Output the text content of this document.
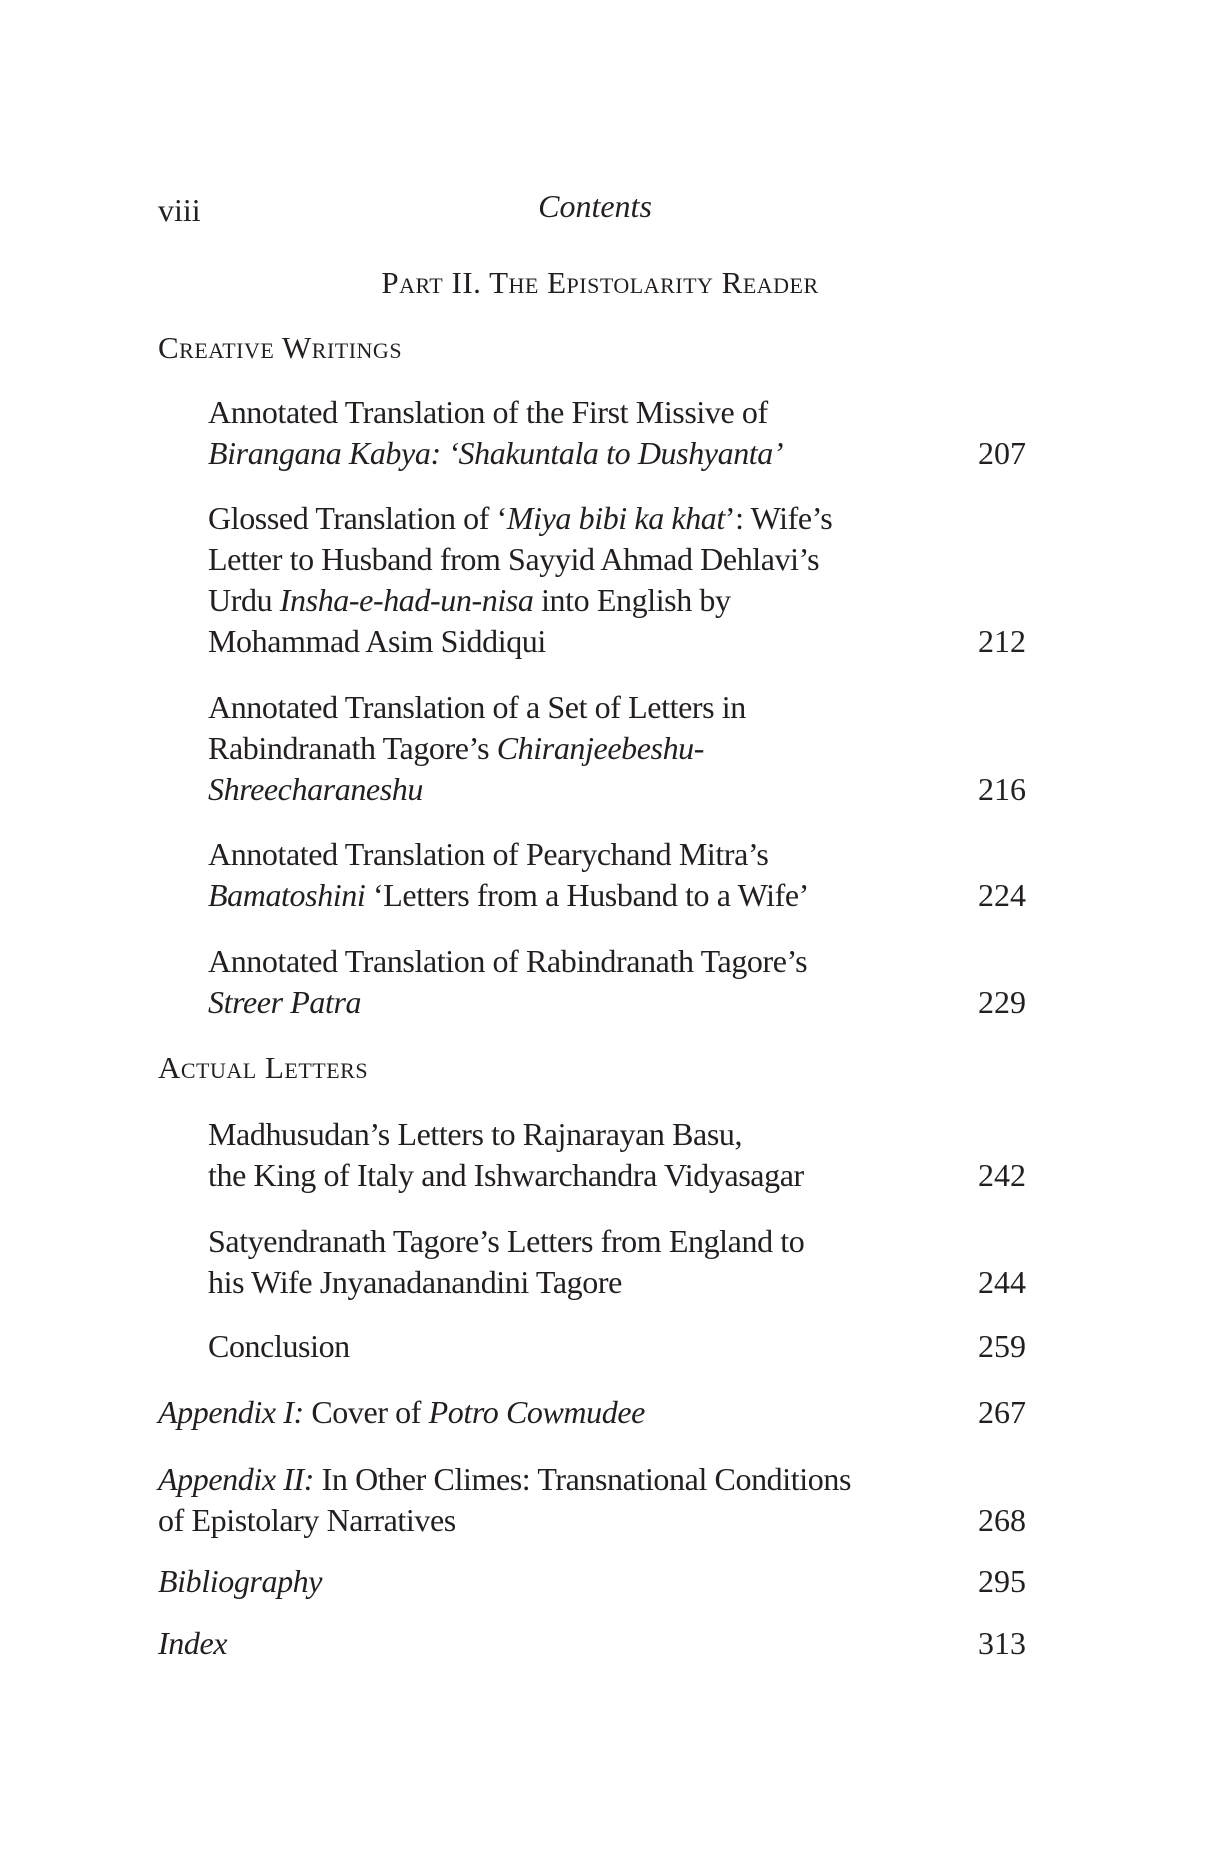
viii	Contents
Part II. The Epistolarity Reader
Creative Writings
Actual Letters
Annotated Translation of the First Missive of
Birangana Kabya: ‘Shakuntala to Dushyanta’	207
Glossed Translation of ‘Miya bibi ka khat’: Wife’s
Letter to Husband from Sayyid Ahmad Dehlavi’s
Urdu Insha-e-had-un-nisa into English by
Mohammad Asim Siddiqui	212
Annotated Translation of a Set of Letters in
Rabindranath Tagore’s Chiranjeebeshu-
Shreecharaneshu	216
Annotated Translation of Pearychand Mitra’s
Bamatoshini ‘Letters from a Husband to a Wife’	224
Annotated Translation of Rabindranath Tagore’s
Streer Patra	229
Madhusudan’s Letters to Rajnarayan Basu,
the King of Italy and Ishwarchandra Vidyasagar	242
Satyendranath Tagore’s Letters from England to
his Wife Jnyanadanandini Tagore	244
Conclusion	259
Appendix I: Cover of Potro Cowmudee	267
Appendix II: In Other Climes: Transnational Conditions
of Epistolary Narratives	268
Bibliography	295
Index	313
